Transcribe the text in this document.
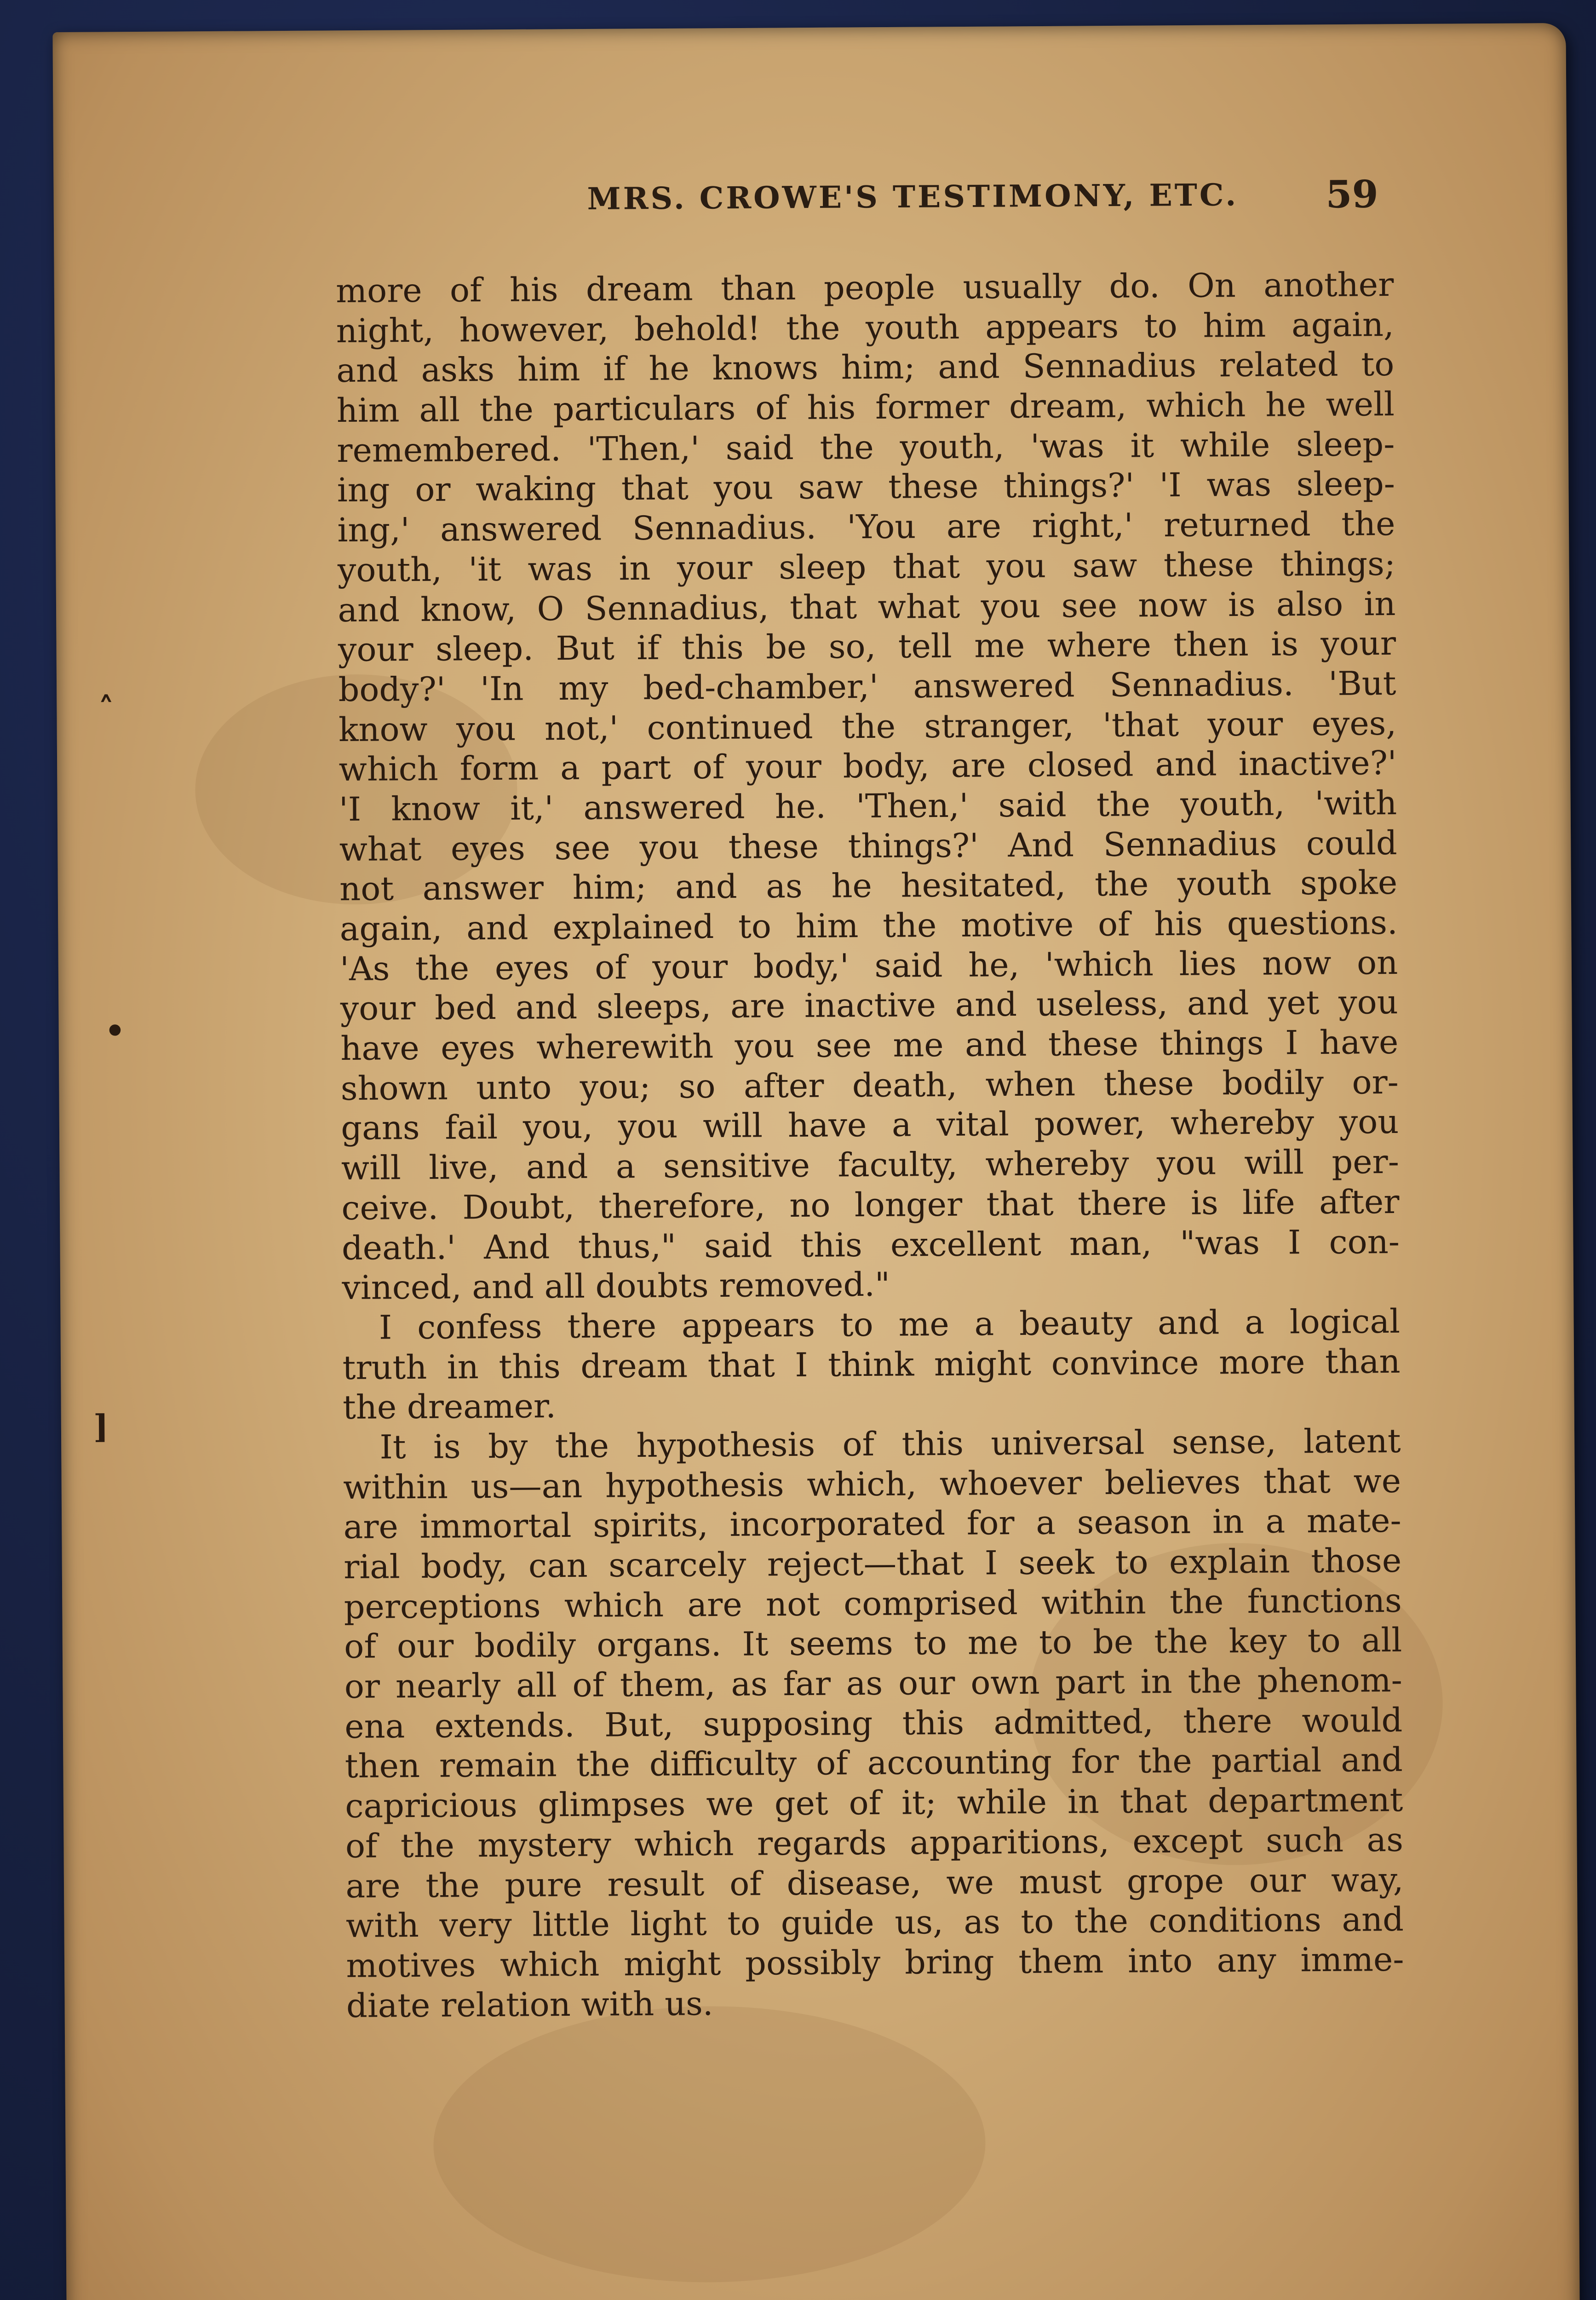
MRS. CROWE'S TESTIMONY, ETC. 59
˄
•
]
more of his dream than people usually do. On another
night, however, behold! the youth appears to him again,
and asks him if he knows him; and Sennadius related to
him all the particulars of his former dream, which he well
remembered. 'Then,' said the youth, 'was it while sleep-
ing or waking that you saw these things?' 'I was sleep-
ing,' answered Sennadius. 'You are right,' returned the
youth, 'it was in your sleep that you saw these things;
and know, O Sennadius, that what you see now is also in
your sleep. But if this be so, tell me where then is your
body?' 'In my bed-chamber,' answered Sennadius. 'But
know you not,' continued the stranger, 'that your eyes,
which form a part of your body, are closed and inactive?'
'I know it,' answered he. 'Then,' said the youth, 'with
what eyes see you these things?' And Sennadius could
not answer him; and as he hesitated, the youth spoke
again, and explained to him the motive of his questions.
'As the eyes of your body,' said he, 'which lies now on
your bed and sleeps, are inactive and useless, and yet you
have eyes wherewith you see me and these things I have
shown unto you; so after death, when these bodily or-
gans fail you, you will have a vital power, whereby you
will live, and a sensitive faculty, whereby you will per-
ceive. Doubt, therefore, no longer that there is life after
death.' And thus," said this excellent man, "was I con-
vinced, and all doubts removed."
I confess there appears to me a beauty and a logical
truth in this dream that I think might convince more than
the dreamer.
It is by the hypothesis of this universal sense, latent
within us—an hypothesis which, whoever believes that we
are immortal spirits, incorporated for a season in a mate-
rial body, can scarcely reject—that I seek to explain those
perceptions which are not comprised within the functions
of our bodily organs. It seems to me to be the key to all
or nearly all of them, as far as our own part in the phenom-
ena extends. But, supposing this admitted, there would
then remain the difficulty of accounting for the partial and
capricious glimpses we get of it; while in that department
of the mystery which regards apparitions, except such as
are the pure result of disease, we must grope our way,
with very little light to guide us, as to the conditions and
motives which might possibly bring them into any imme-
diate relation with us.
